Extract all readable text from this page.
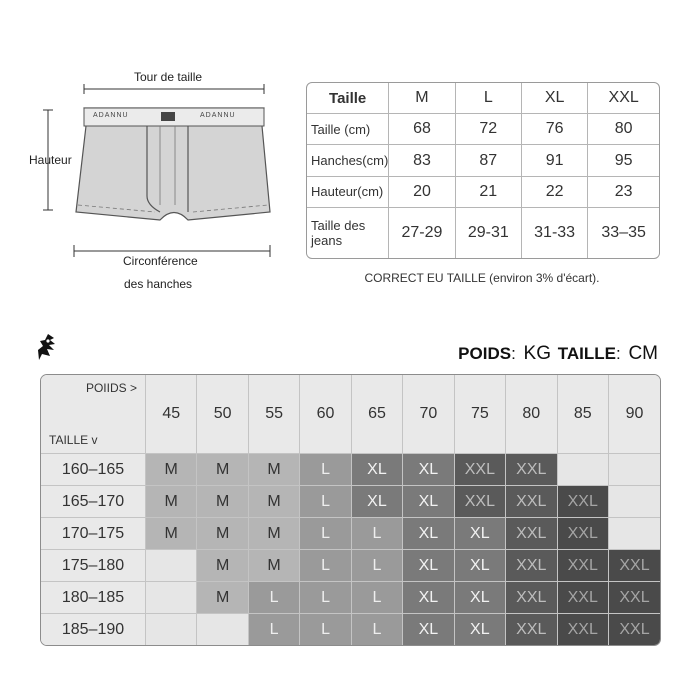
ADANNU	ADANNU
Tour de taille
Hauteur
Circonférence
des hanches
Taille	M	L	XL	XXL
Taille (cm)	68	72	76	80
Hanches(cm)	83	87	91	95
Hauteur(cm)	20	21	22	23
Taille des jeans	27-29	29-31	31-33	33–35
CORRECT EU TAILLE (environ 3% d'écart).
POIDS: KG TAILLE: CM
POIIDS >
TAILLE v	45	50	55	60	65	70	75	80	85	90
160–165	M	M	M	L	XL	XL	XXL	XXL		
165–170	M	M	M	L	XL	XL	XXL	XXL	XXL	
170–175	M	M	M	L	L	XL	XL	XXL	XXL	
175–180		M	M	L	L	XL	XL	XXL	XXL	XXL
180–185		M	L	L	L	XL	XL	XXL	XXL	XXL
185–190			L	L	L	XL	XL	XXL	XXL	XXL
